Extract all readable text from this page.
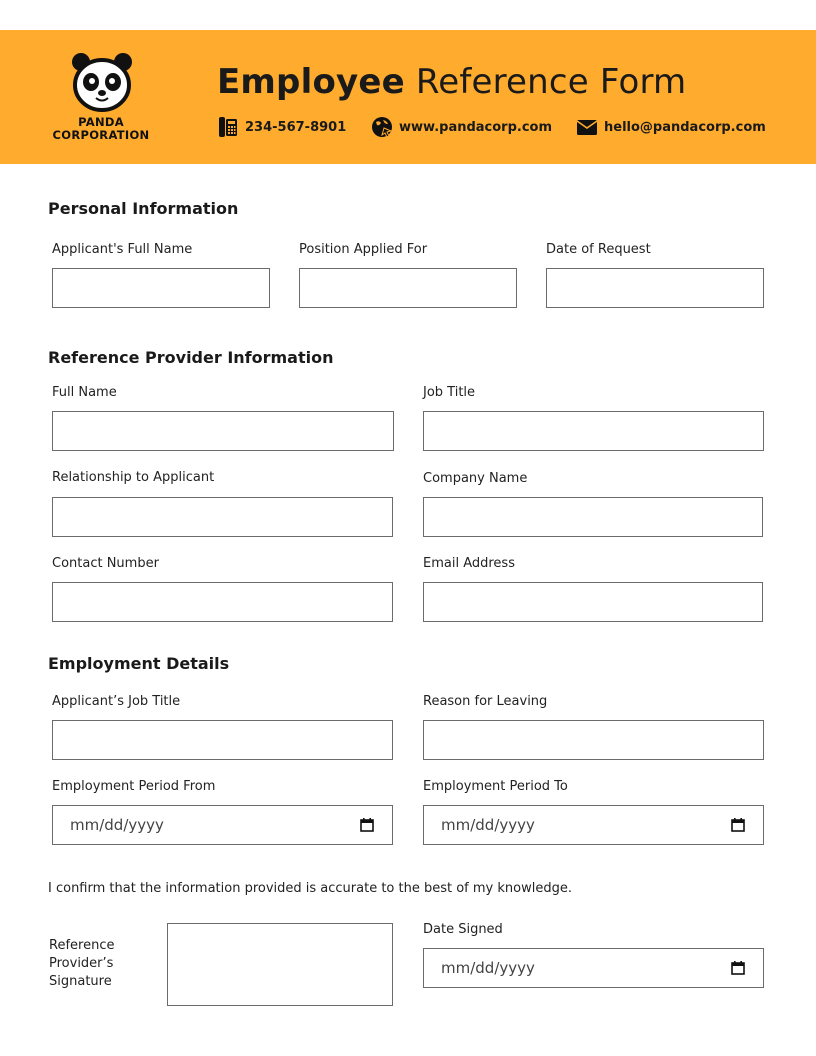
PANDA
CORPORATION
Employee Reference Form
234-567-8901	www.pandacorp.com	hello@pandacorp.com
Personal Information
Applicant's Full Name	Position Applied For	Date of Request
Reference Provider Information
Full Name	Job Title
Relationship to Applicant	Company Name
Contact Number	Email Address
Employment Details
Applicant’s Job Title	Reason for Leaving
Employment Period From
mm/dd/yyyy
Employment Period To
mm/dd/yyyy
I confirm that the information provided is accurate to the best of my knowledge.
Reference
Provider’s
Signature
Date Signed
mm/dd/yyyy
